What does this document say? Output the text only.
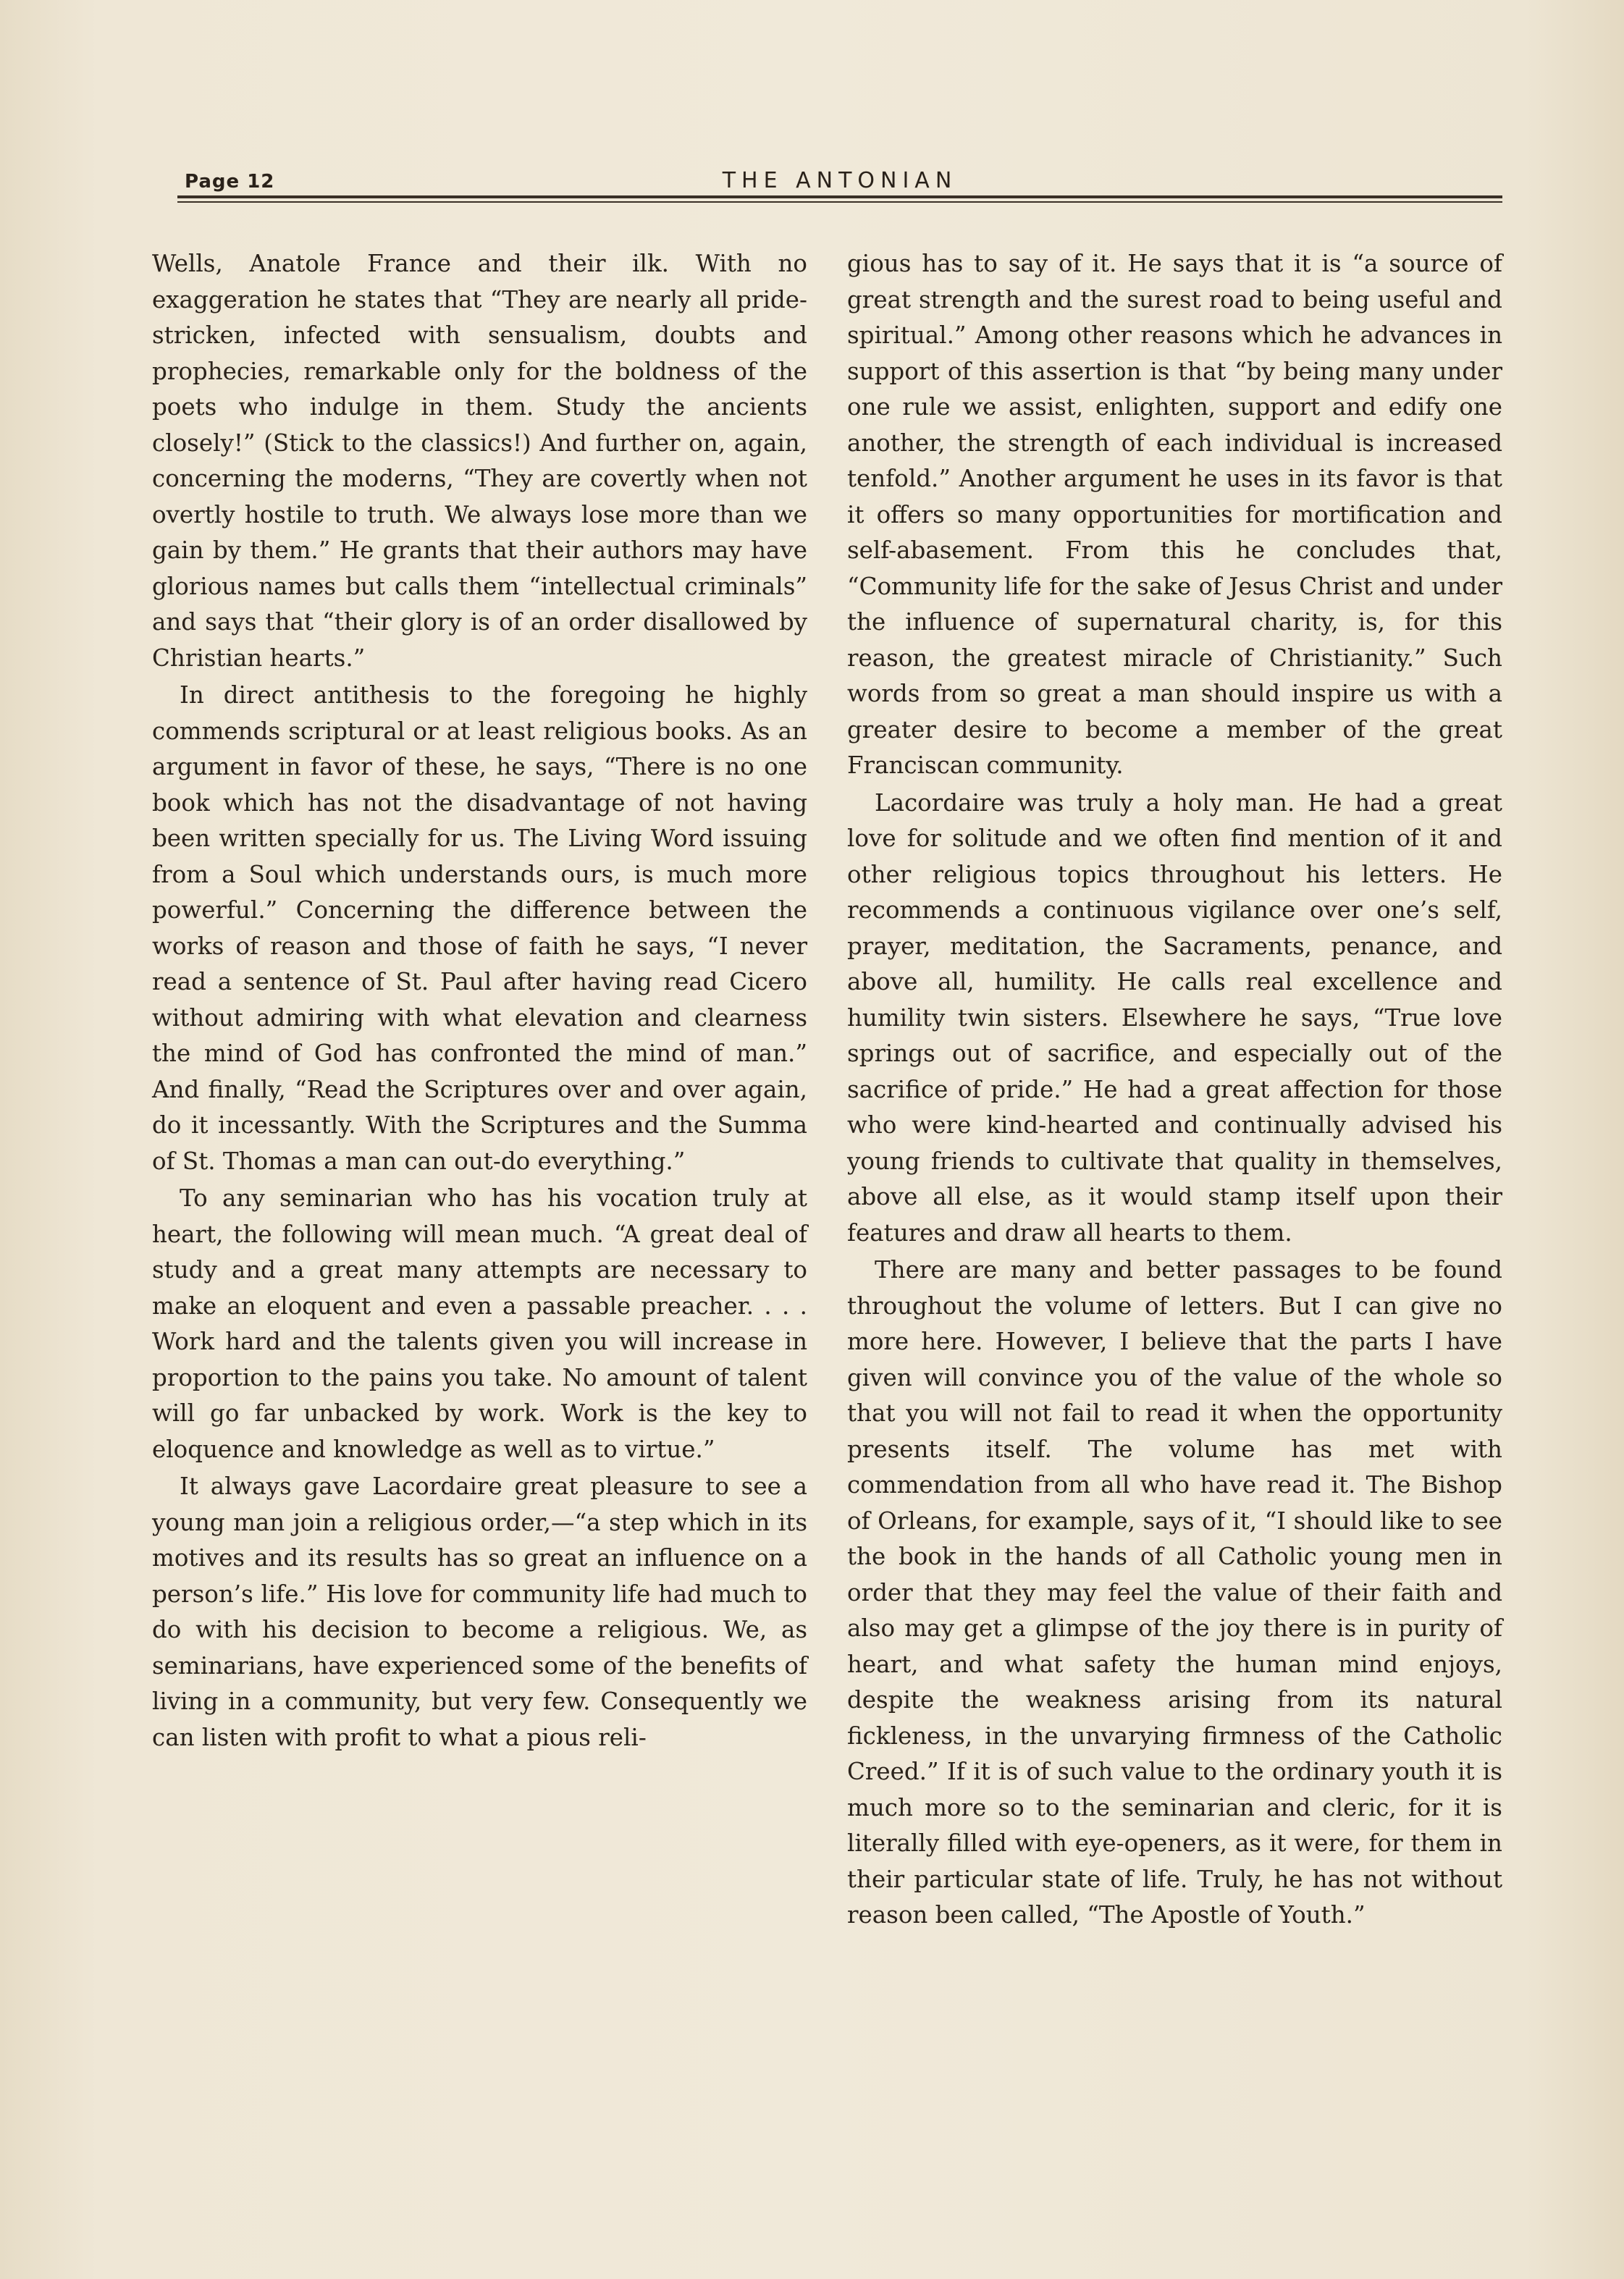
Page 12	THE ANTONIAN

Wells, Anatole France and their ilk. With no exaggeration he states that “They are nearly all pride-stricken, infected with sensualism, doubts and prophecies, remarkable only for the boldness of the poets who indulge in them. Study the ancients closely!” (Stick to the classics!) And further on, again, concerning the moderns, “They are covertly when not overtly hostile to truth. We always lose more than we gain by them.” He grants that their authors may have glorious names but calls them “intellectual criminals” and says that “their glory is of an order disallowed by Christian hearts.”

In direct antithesis to the foregoing he highly commends scriptural or at least religious books. As an argument in favor of these, he says, “There is no one book which has not the disadvantage of not having been written specially for us. The Living Word issuing from a Soul which understands ours, is much more powerful.” Concerning the difference between the works of reason and those of faith he says, “I never read a sentence of St. Paul after having read Cicero without admiring with what elevation and clearness the mind of God has confronted the mind of man.” And finally, “Read the Scriptures over and over again, do it incessantly. With the Scriptures and the Summa of St. Thomas a man can out-do everything.”

To any seminarian who has his vocation truly at heart, the following will mean much. “A great deal of study and a great many attempts are necessary to make an eloquent and even a passable preacher. . . . Work hard and the talents given you will increase in proportion to the pains you take. No amount of talent will go far unbacked by work. Work is the key to eloquence and knowledge as well as to virtue.”

It always gave Lacordaire great pleasure to see a young man join a religious order,—“a step which in its motives and its results has so great an influence on a person’s life.” His love for community life had much to do with his decision to become a religious. We, as seminarians, have experienced some of the benefits of living in a community, but very few. Consequently we can listen with profit to what a pious reli-

gious has to say of it. He says that it is “a source of great strength and the surest road to being useful and spiritual.” Among other reasons which he advances in support of this assertion is that “by being many under one rule we assist, enlighten, support and edify one another, the strength of each individual is increased tenfold.” Another argument he uses in its favor is that it offers so many opportunities for mortification and self-abasement. From this he concludes that, “Community life for the sake of Jesus Christ and under the influence of supernatural charity, is, for this reason, the greatest miracle of Christianity.” Such words from so great a man should inspire us with a greater desire to become a member of the great Franciscan community.

Lacordaire was truly a holy man. He had a great love for solitude and we often find mention of it and other religious topics throughout his letters. He recommends a continuous vigilance over one’s self, prayer, meditation, the Sacraments, penance, and above all, humility. He calls real excellence and humility twin sisters. Elsewhere he says, “True love springs out of sacrifice, and especially out of the sacrifice of pride.” He had a great affection for those who were kind-hearted and continually advised his young friends to cultivate that quality in themselves, above all else, as it would stamp itself upon their features and draw all hearts to them.

There are many and better passages to be found throughout the volume of letters. But I can give no more here. However, I believe that the parts I have given will convince you of the value of the whole so that you will not fail to read it when the opportunity presents itself. The volume has met with commendation from all who have read it. The Bishop of Orleans, for example, says of it, “I should like to see the book in the hands of all Catholic young men in order that they may feel the value of their faith and also may get a glimpse of the joy there is in purity of heart, and what safety the human mind enjoys, despite the weakness arising from its natural fickleness, in the unvarying firmness of the Catholic Creed.” If it is of such value to the ordinary youth it is much more so to the seminarian and cleric, for it is literally filled with eye-openers, as it were, for them in their particular state of life. Truly, he has not without reason been called, “The Apostle of Youth.”
